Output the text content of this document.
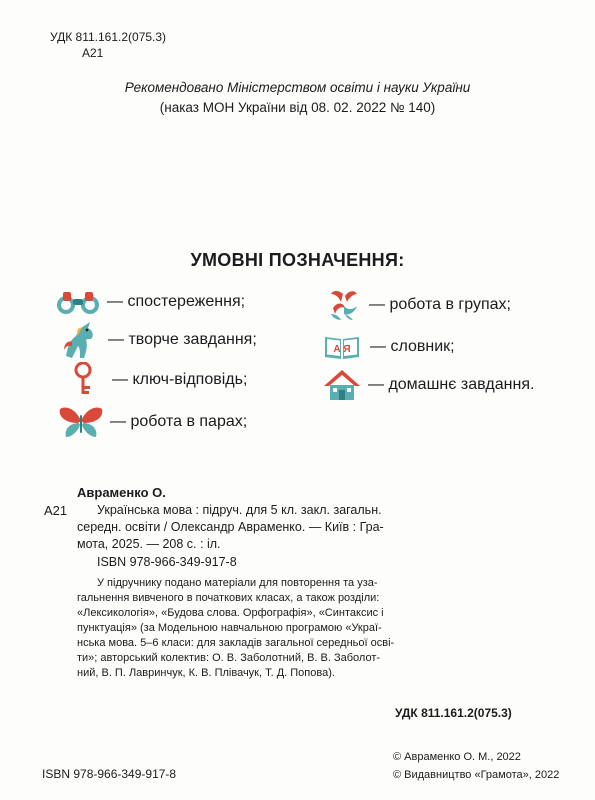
УДК 811.161.2(075.3)
А21
Рекомендовано Міністерством освіти і науки України
(наказ МОН України від 08. 02. 2022 № 140)
УМОВНІ ПОЗНАЧЕННЯ:
— спостереження;
— творче завдання;
— ключ-відповідь;
— робота в парах;
— робота в групах;
А Я — словник;
— домашнє завдання.
Авраменко О.
А21	Українська мова : підруч. для 5 кл. закл. загальн.
середн. освіти / Олександр Авраменко. — Київ : Гра-
мота, 2025. — 208 с. : іл.
ISBN 978-966-349-917-8
У підручнику подано матеріали для повторення та уза-
гальнення вивченого в початкових класах, а також розділи:
«Лексикологія», «Будова слова. Орфографія», «Синтаксис і
пунктуація» (за Модельною навчальною програмою «Украї-
нська мова. 5–6 класи: для закладів загальної середньої осві-
ти»; авторський колектив: О. В. Заболотний, В. В. Заболот-
ний, В. П. Лавринчук, К. В. Плівачук, Т. Д. Попова).
УДК 811.161.2(075.3)
ISBN 978-966-349-917-8
© Авраменко О. М., 2022
© Видавництво «Грамота», 2022
